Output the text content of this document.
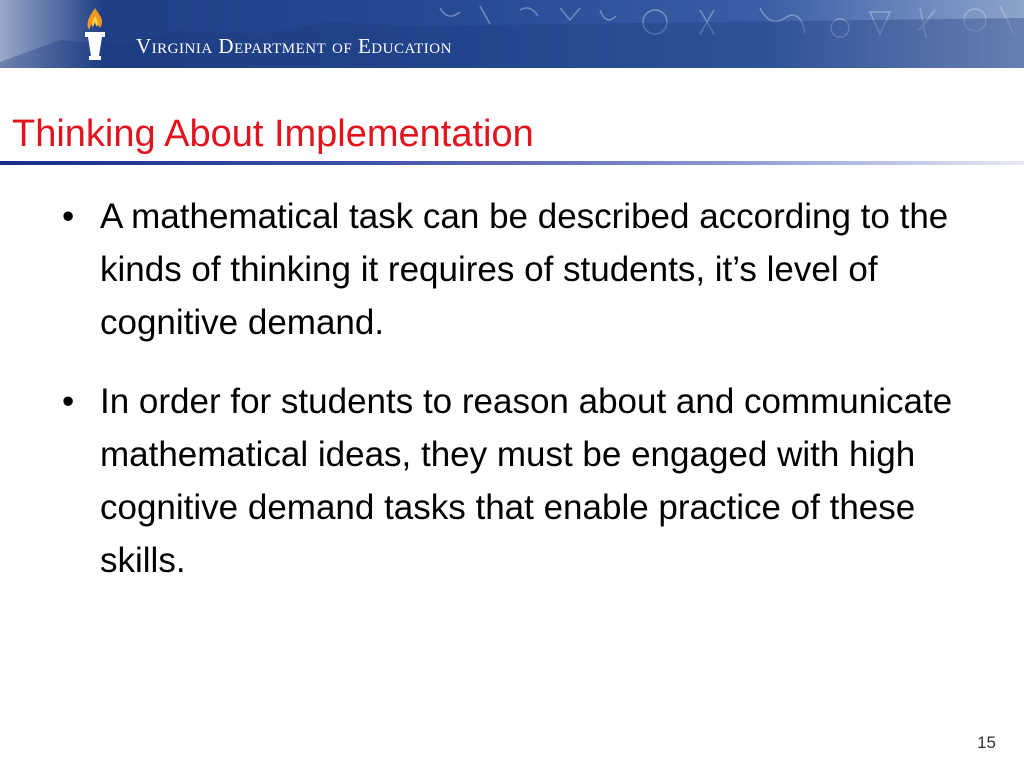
Virginia Department of Education
Thinking About Implementation
• A mathematical task can be described according to the kinds of thinking it requires of students, it’s level of cognitive demand.
• In order for students to reason about and communicate mathematical ideas, they must be engaged with high cognitive demand tasks that enable practice of these skills.
15
